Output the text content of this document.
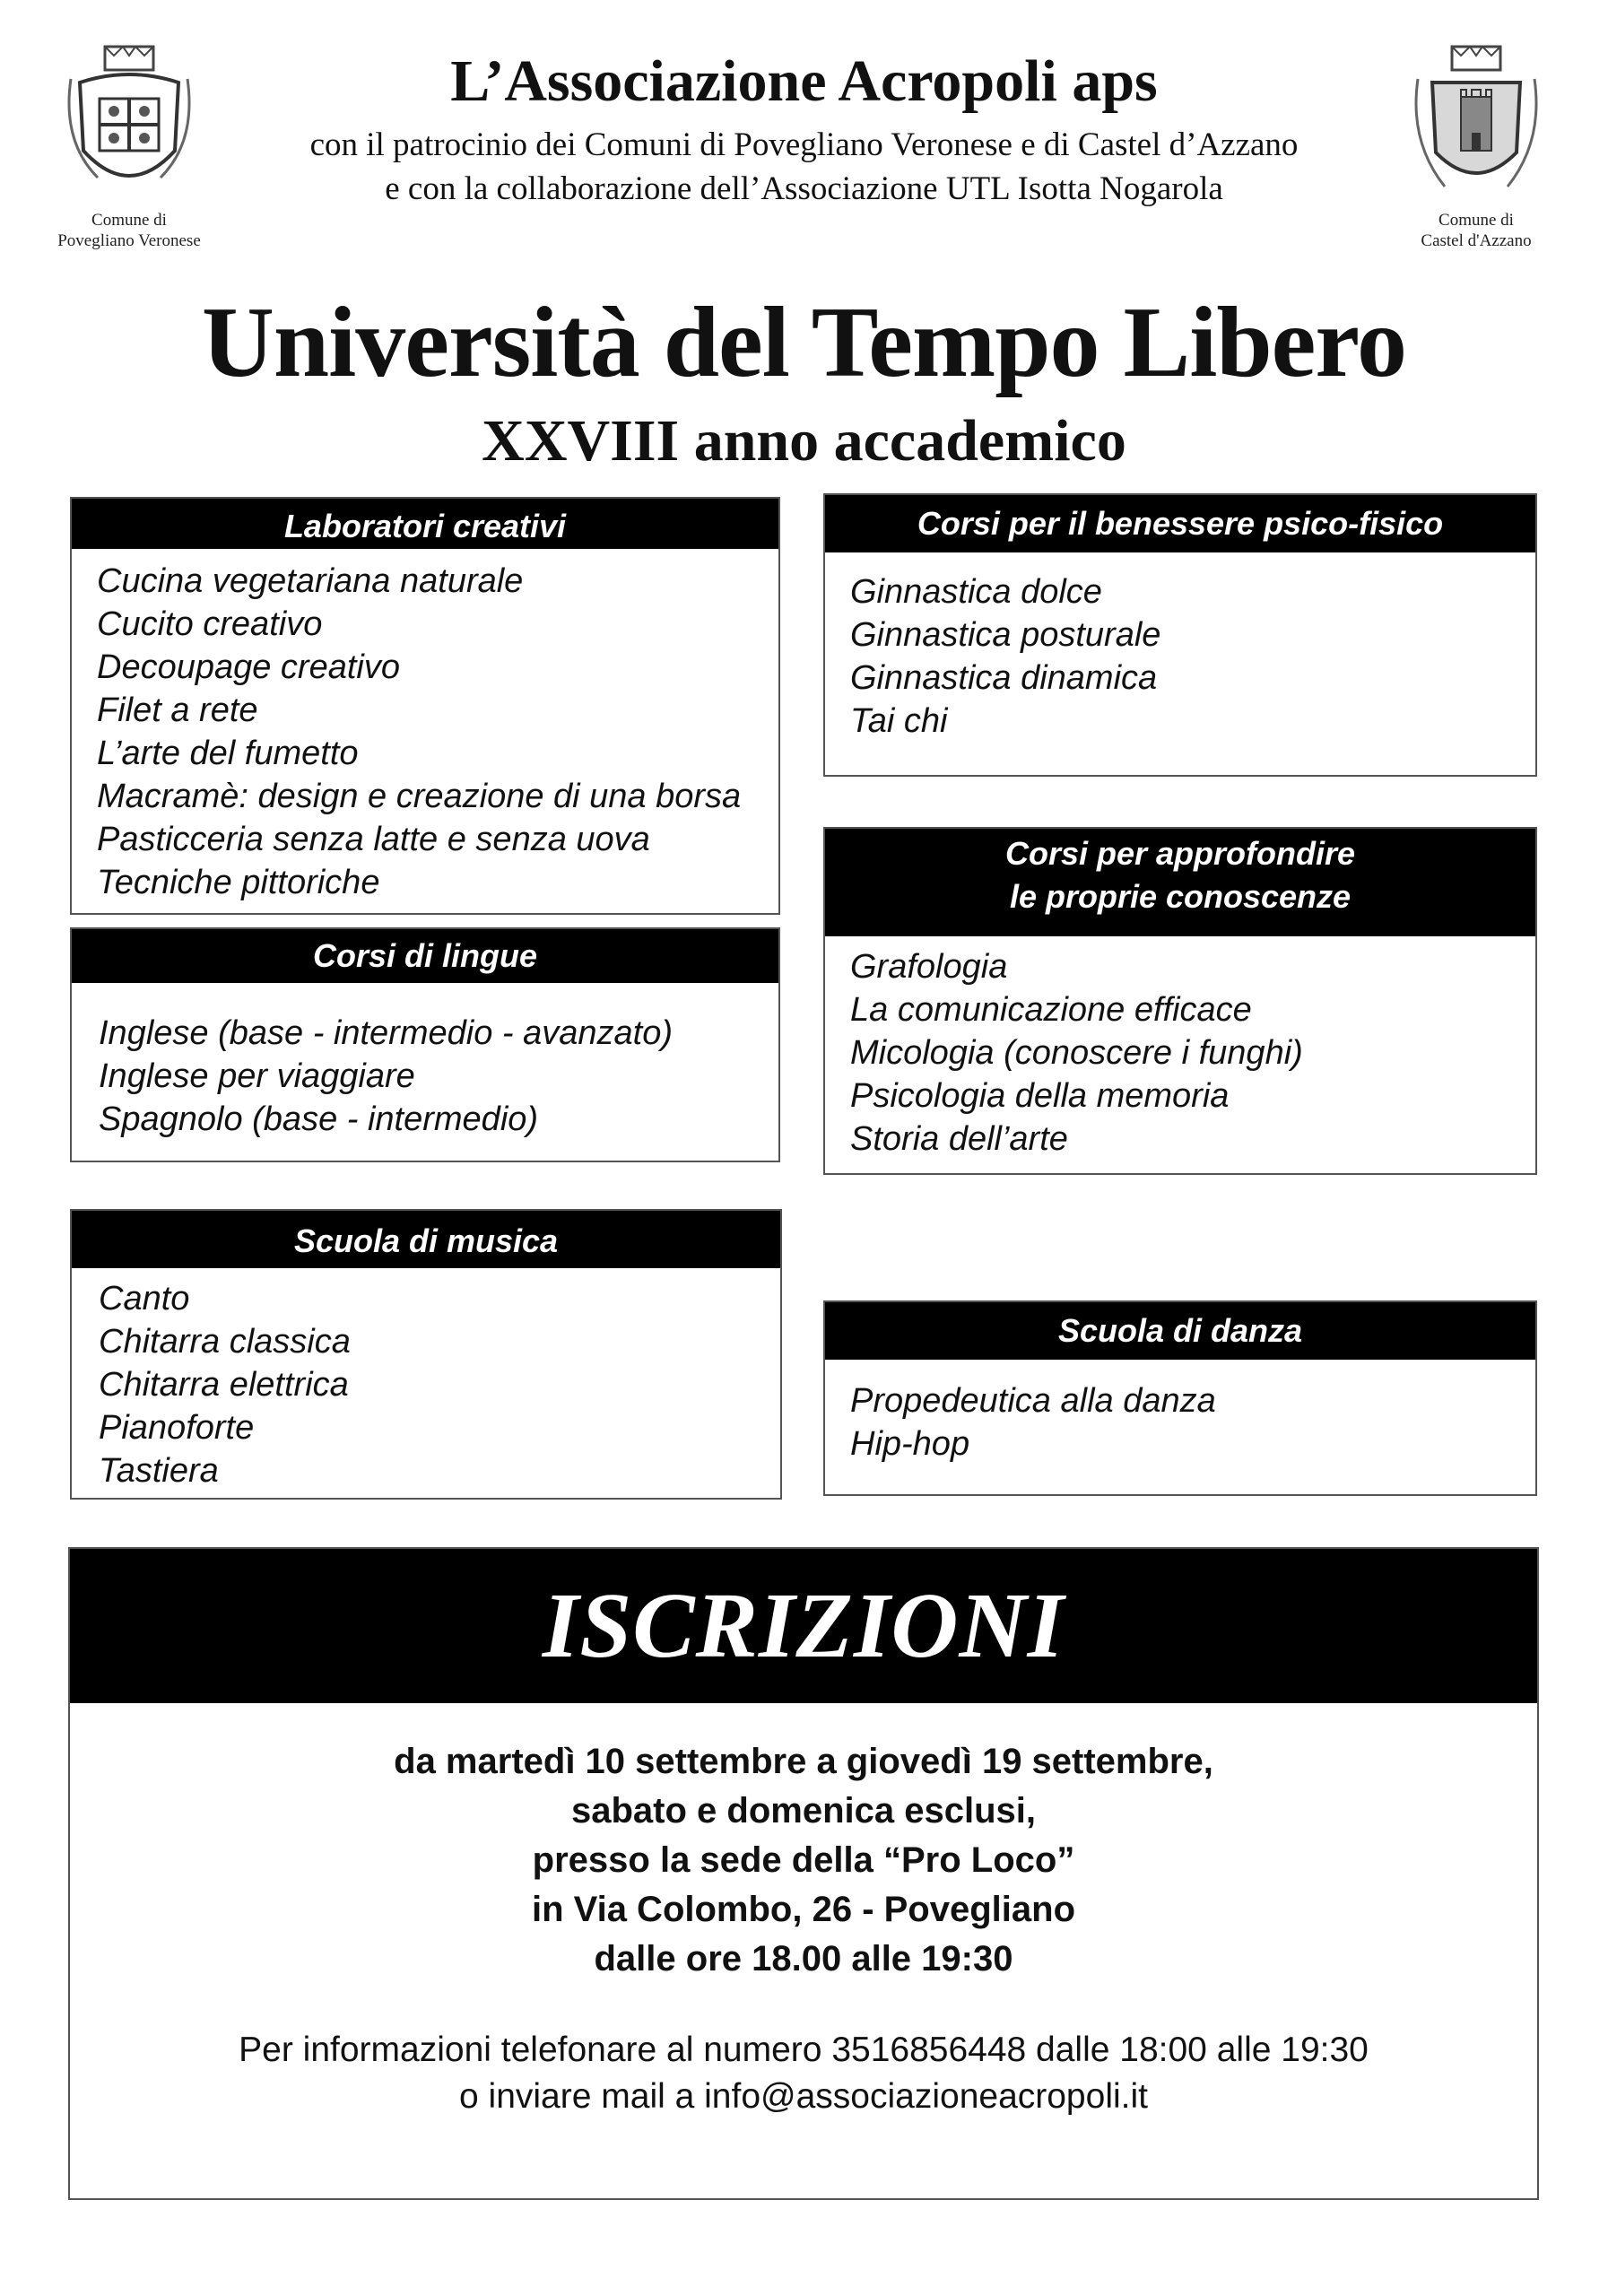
Comune di
Povegliano Veronese
Comune di
Castel d'Azzano
L’Associazione Acropoli aps
con il patrocinio dei Comuni di Povegliano Veronese e di Castel d’Azzano
e con la collaborazione dell’Associazione UTL Isotta Nogarola
Università del Tempo Libero
XXVIII anno accademico
Laboratori creativi
Cucina vegetariana naturale
Cucito creativo
Decoupage creativo
Filet a rete
L’arte del fumetto
Macramè: design e creazione di una borsa
Pasticceria senza latte e senza uova
Tecniche pittoriche
Corsi di lingue
Inglese (base - intermedio - avanzato)
Inglese per viaggiare
Spagnolo (base - intermedio)
Scuola di musica
Canto
Chitarra classica
Chitarra elettrica
Pianoforte
Tastiera
Corsi per il benessere psico-fisico
Ginnastica dolce
Ginnastica posturale
Ginnastica dinamica
Tai chi
Corsi per approfondire
le proprie conoscenze
Grafologia
La comunicazione efficace
Micologia (conoscere i funghi)
Psicologia della memoria
Storia dell’arte
Scuola di danza
Propedeutica alla danza
Hip-hop
ISCRIZIONI
da martedì 10 settembre a giovedì 19 settembre,
sabato e domenica esclusi,
presso la sede della “Pro Loco”
in Via Colombo, 26 - Povegliano
dalle ore 18.00 alle 19:30
Per informazioni telefonare al numero 3516856448 dalle 18:00 alle 19:30
o inviare mail a info@associazioneacropoli.it
